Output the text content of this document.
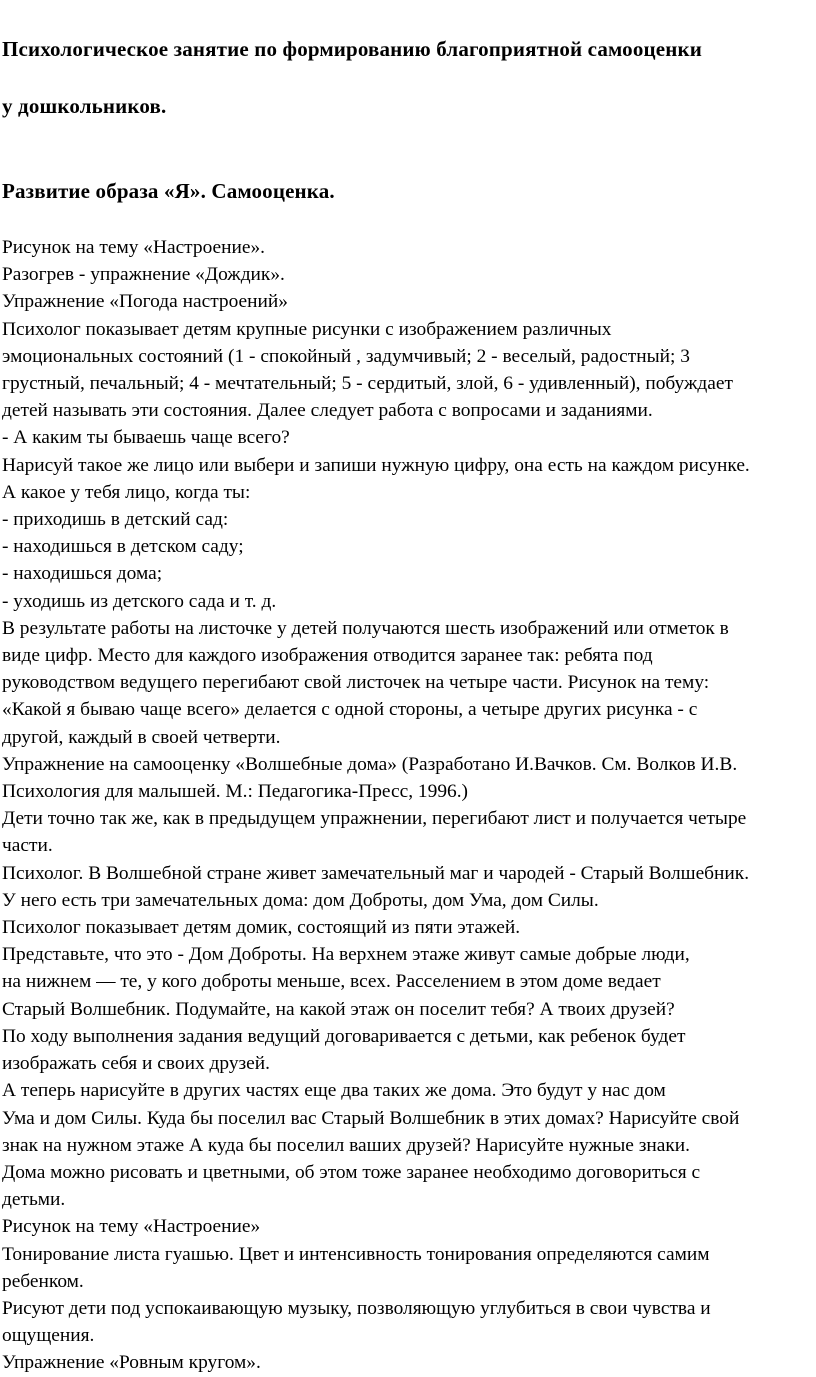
Психологическое занятие по формированию благоприятной самооценки

у дошкольников.

Развитие образа «Я». Самооценка.

Рисунок на тему «Настроение».
Разогрев - упражнение «Дождик».
Упражнение «Погода настроений»
Психолог показывает детям крупные рисунки с изображением различных
эмоциональных состояний (1 - спокойный , задумчивый; 2 - веселый, радостный; 3
грустный, печальный; 4 - мечтательный; 5 - сердитый, злой, 6 - удивленный), побуждает
детей называть эти состояния. Далее следует работа с вопросами и заданиями.
- А каким ты бываешь чаще всего?
Нарисуй такое же лицо или выбери и запиши нужную цифру, она есть на каждом рисунке.
А какое у тебя лицо, когда ты:
- приходишь в детский сад:
- находишься в детском саду;
- находишься дома;
- уходишь из детского сада и т. д.
В результате работы на листочке у детей получаются шесть изображений или отметок в
виде цифр. Место для каждого изображения отводится заранее так: ребята под
руководством ведущего перегибают свой листочек на четыре части. Рисунок на тему:
«Какой я бываю чаще всего» делается с одной стороны, а четыре других рисунка - с
другой, каждый в своей четверти.
Упражнение на самооценку «Волшебные дома» (Разработано И.Вачков. См. Волков И.В.
Психология для малышей. М.: Педагогика-Пресс, 1996.)
Дети точно так же, как в предыдущем упражнении, перегибают лист и получается четыре
части.
Психолог. В Волшебной стране живет замечательный маг и чародей - Старый Волшебник.
У него есть три замечательных дома: дом Доброты, дом Ума, дом Силы.
Психолог показывает детям домик, состоящий из пяти этажей.
Представьте, что это - Дом Доброты. На верхнем этаже живут самые добрые люди,
на нижнем — те, у кого доброты меньше, всех. Расселением в этом доме ведает
Старый Волшебник. Подумайте, на какой этаж он поселит тебя? А твоих друзей?
По ходу выполнения задания ведущий договаривается с детьми, как ребенок будет
изображать себя и своих друзей.
А теперь нарисуйте в других частях еще два таких же дома. Это будут у нас дом
Ума и дом Силы. Куда бы поселил вас Старый Волшебник в этих домах? Нарисуйте свой
знак на нужном этаже А куда бы поселил ваших друзей? Нарисуйте нужные знаки.
Дома можно рисовать и цветными, об этом тоже заранее необходимо договориться с
детьми.
Рисунок на тему «Настроение»
Тонирование листа гуашью. Цвет и интенсивность тонирования определяются самим
ребенком.
Рисуют дети под успокаивающую музыку, позволяющую углубиться в свои чувства и
ощущения.
Упражнение «Ровным кругом».
